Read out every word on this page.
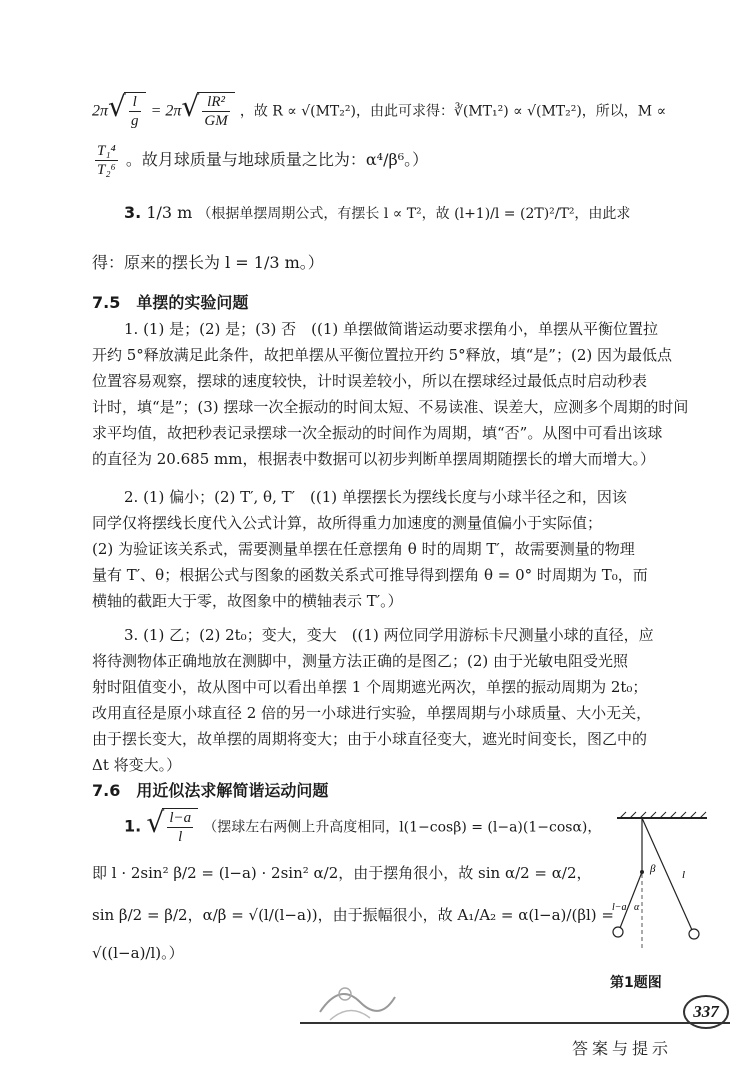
2π √ $\frac{l}{g} = 2\pi$ √ $\frac{\text{lR²}}{GM}$ ，故 R ∝ √(MT₂²)，由此可求得：∛(MT₁²) ∝ √(MT₂²)，所以，M ∝
$\frac{\text{T₁⁴}}{\text{T₂⁶}}$ 。故月球质量与地球质量之比为：α⁴/β⁶。）
3. 1/3 m （根据单摆周期公式，有摆长 l ∝ T²，故 (l+1)/l = (2T)²/T²，由此求
得：原来的摆长为 l = 1/3 m。）
7.5　单摆的实验问题
1. (1) 是；(2) 是；(3) 否　((1) 单摆做简谐运动要求摆角小，单摆从平衡位置拉
开约 5°释放满足此条件，故把单摆从平衡位置拉开约 5°释放，填“是”；(2) 因为最低点
位置容易观察，摆球的速度较快，计时误差较小，所以在摆球经过最低点时启动秒表
计时，填“是”；(3) 摆球一次全振动的时间太短、不易读准、误差大，应测多个周期的时间
求平均值，故把秒表记录摆球一次全振动的时间作为周期，填“否”。从图中可看出该球
的直径为 20.685 mm，根据表中数据可以初步判断单摆周期随摆长的增大而增大。）
2. (1) 偏小；(2) T′, θ, T′　((1) 单摆摆长为摆线长度与小球半径之和，因该
同学仅将摆线长度代入公式计算，故所得重力加速度的测量值偏小于实际值；
(2) 为验证该关系式，需要测量单摆在任意摆角 θ 时的周期 T′，故需要测量的物理
量有 T′、θ；根据公式与图象的函数关系式可推导得到摆角 θ = 0° 时周期为 T₀，而
横轴的截距大于零，故图象中的横轴表示 T′。）
3. (1) 乙；(2) 2t₀；变大，变大　((1) 两位同学用游标卡尺测量小球的直径，应
将待测物体正确地放在测脚中，测量方法正确的是图乙；(2) 由于光敏电阻受光照
射时阻值变小，故从图中可以看出单摆 1 个周期遮光两次，单摆的振动周期为 2t₀；
改用直径是原小球直径 2 倍的另一小球进行实验，单摆周期与小球质量、大小无关，
由于摆长变大，故单摆的周期将变大；由于小球直径变大，遮光时间变长，图乙中的
Δt 将变大。）
7.6　用近似法求解简谐运动问题
1. √ $\frac{l-a}{l}$ （摆球左右两侧上升高度相同，l(1−cosβ) = (l−a)(1−cosα)，
即 l · 2sin² β/2 = (l−a) · 2sin² α/2，由于摆角很小，故 sin α/2 = α/2，
sin β/2 = β/2，α/β = √(l/(l−a))，由于振幅很小，故 A₁/A₂ = α(l−a)/(βl) =
√((l−a)/l)。）
β l
l−a α
第1题图
337
答案与提示
